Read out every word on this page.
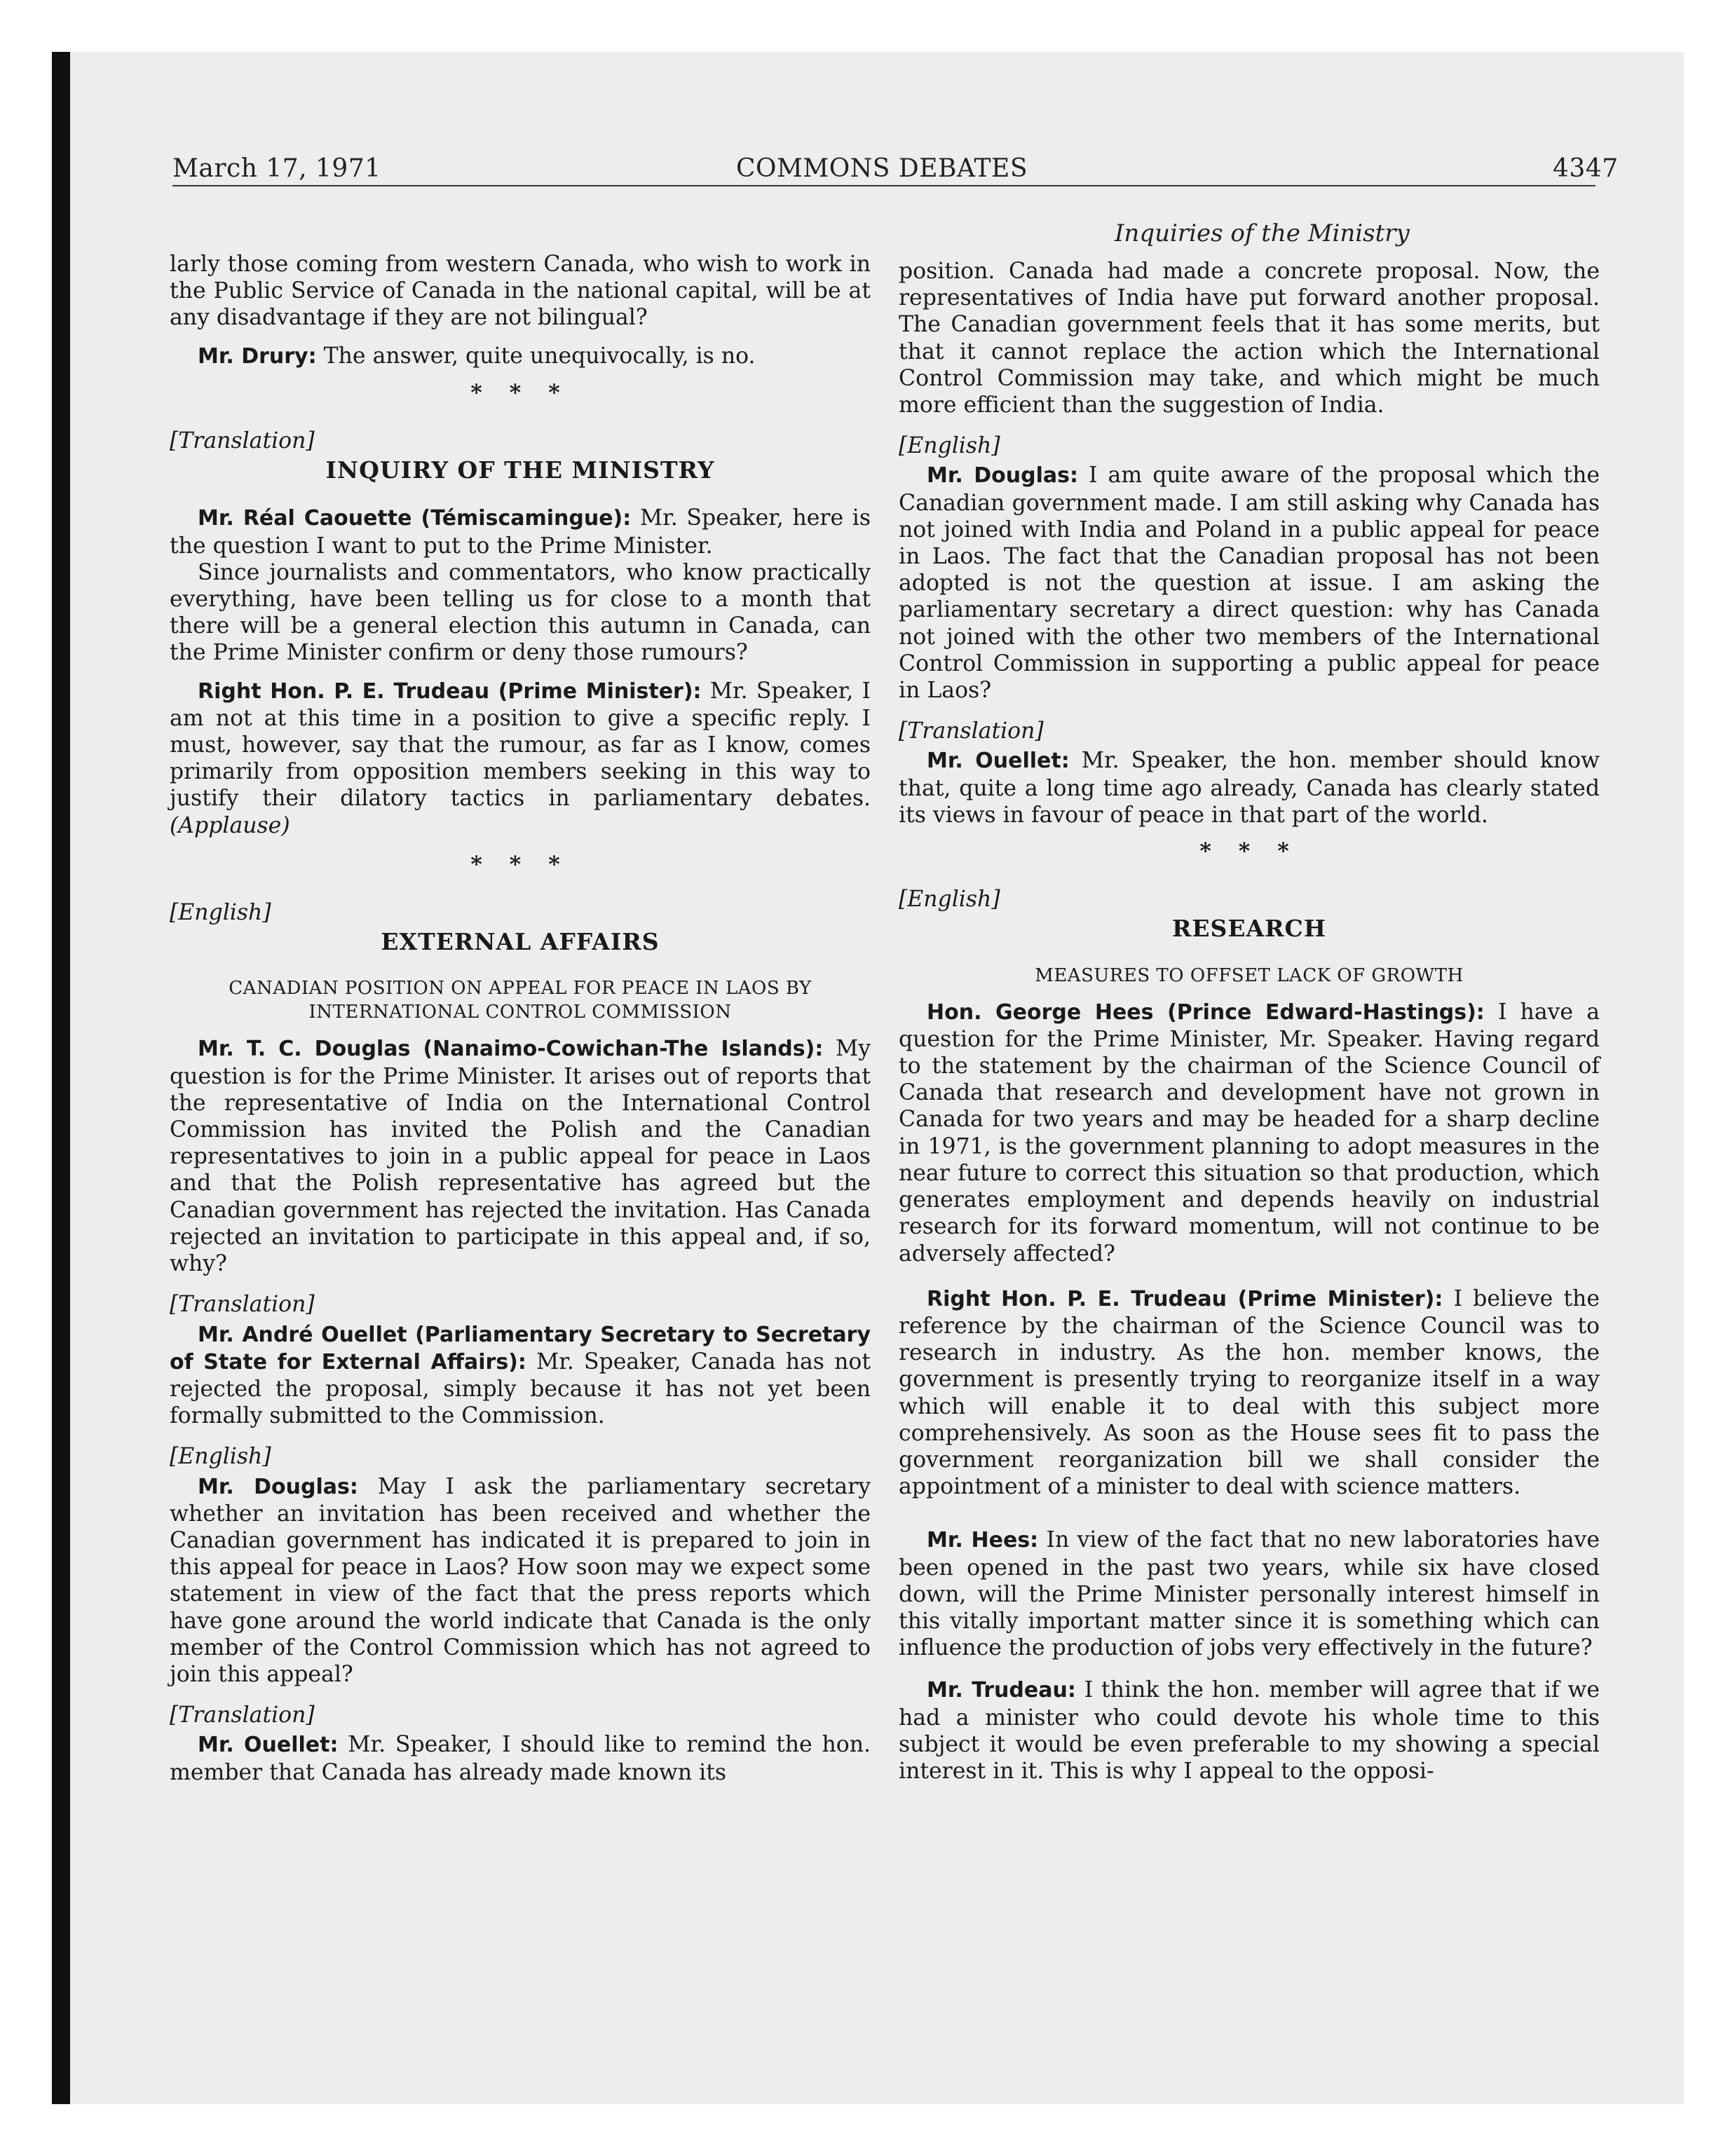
March 17, 1971	COMMONS DEBATES	4347
Inquiries of the Ministry

larly those coming from western Canada, who wish to work in the Public Service of Canada in the national capital, will be at any disadvantage if they are not bilingual?

Mr. Drury: The answer, quite unequivocally, is no.

* * *
[Translation]
INQUIRY OF THE MINISTRY

Mr. Réal Caouette (Témiscamingue): Mr. Speaker, here is the question I want to put to the Prime Minister.

Since journalists and commentators, who know practically everything, have been telling us for close to a month that there will be a general election this autumn in Canada, can the Prime Minister confirm or deny those rumours?

Right Hon. P. E. Trudeau (Prime Minister): Mr. Speaker, I am not at this time in a position to give a specific reply. I must, however, say that the rumour, as far as I know, comes primarily from opposition members seeking in this way to justify their dilatory tactics in parliamentary debates. (Applause)

* * *
[English]
EXTERNAL AFFAIRS
CANADIAN POSITION ON APPEAL FOR PEACE IN LAOS BY INTERNATIONAL CONTROL COMMISSION

Mr. T. C. Douglas (Nanaimo-Cowichan-The Islands): My question is for the Prime Minister. It arises out of reports that the representative of India on the International Control Commission has invited the Polish and the Canadian representatives to join in a public appeal for peace in Laos and that the Polish representative has agreed but the Canadian government has rejected the invitation. Has Canada rejected an invitation to participate in this appeal and, if so, why?

[Translation]

Mr. André Ouellet (Parliamentary Secretary to Secretary of State for External Affairs): Mr. Speaker, Canada has not rejected the proposal, simply because it has not yet been formally submitted to the Commission.

[English]

Mr. Douglas: May I ask the parliamentary secretary whether an invitation has been received and whether the Canadian government has indicated it is prepared to join in this appeal for peace in Laos? How soon may we expect some statement in view of the fact that the press reports which have gone around the world indicate that Canada is the only member of the Control Commission which has not agreed to join this appeal?

[Translation]

Mr. Ouellet: Mr. Speaker, I should like to remind the hon. member that Canada has already made known its

position. Canada had made a concrete proposal. Now, the representatives of India have put forward another proposal. The Canadian government feels that it has some merits, but that it cannot replace the action which the International Control Commission may take, and which might be much more efficient than the suggestion of India.

[English]

Mr. Douglas: I am quite aware of the proposal which the Canadian government made. I am still asking why Canada has not joined with India and Poland in a public appeal for peace in Laos. The fact that the Canadian proposal has not been adopted is not the question at issue. I am asking the parliamentary secretary a direct question: why has Canada not joined with the other two members of the International Control Commission in supporting a public appeal for peace in Laos?

[Translation]

Mr. Ouellet: Mr. Speaker, the hon. member should know that, quite a long time ago already, Canada has clearly stated its views in favour of peace in that part of the world.

* * *
[English]
RESEARCH
MEASURES TO OFFSET LACK OF GROWTH

Hon. George Hees (Prince Edward-Hastings): I have a question for the Prime Minister, Mr. Speaker. Having regard to the statement by the chairman of the Science Council of Canada that research and development have not grown in Canada for two years and may be headed for a sharp decline in 1971, is the government planning to adopt measures in the near future to correct this situation so that production, which generates employment and depends heavily on industrial research for its forward momentum, will not continue to be adversely affected?

Right Hon. P. E. Trudeau (Prime Minister): I believe the reference by the chairman of the Science Council was to research in industry. As the hon. member knows, the government is presently trying to reorganize itself in a way which will enable it to deal with this subject more comprehensively. As soon as the House sees fit to pass the government reorganization bill we shall consider the appointment of a minister to deal with science matters.

Mr. Hees: In view of the fact that no new laboratories have been opened in the past two years, while six have closed down, will the Prime Minister personally interest himself in this vitally important matter since it is something which can influence the production of jobs very effectively in the future?

Mr. Trudeau: I think the hon. member will agree that if we had a minister who could devote his whole time to this subject it would be even preferable to my showing a special interest in it. This is why I appeal to the opposi-
